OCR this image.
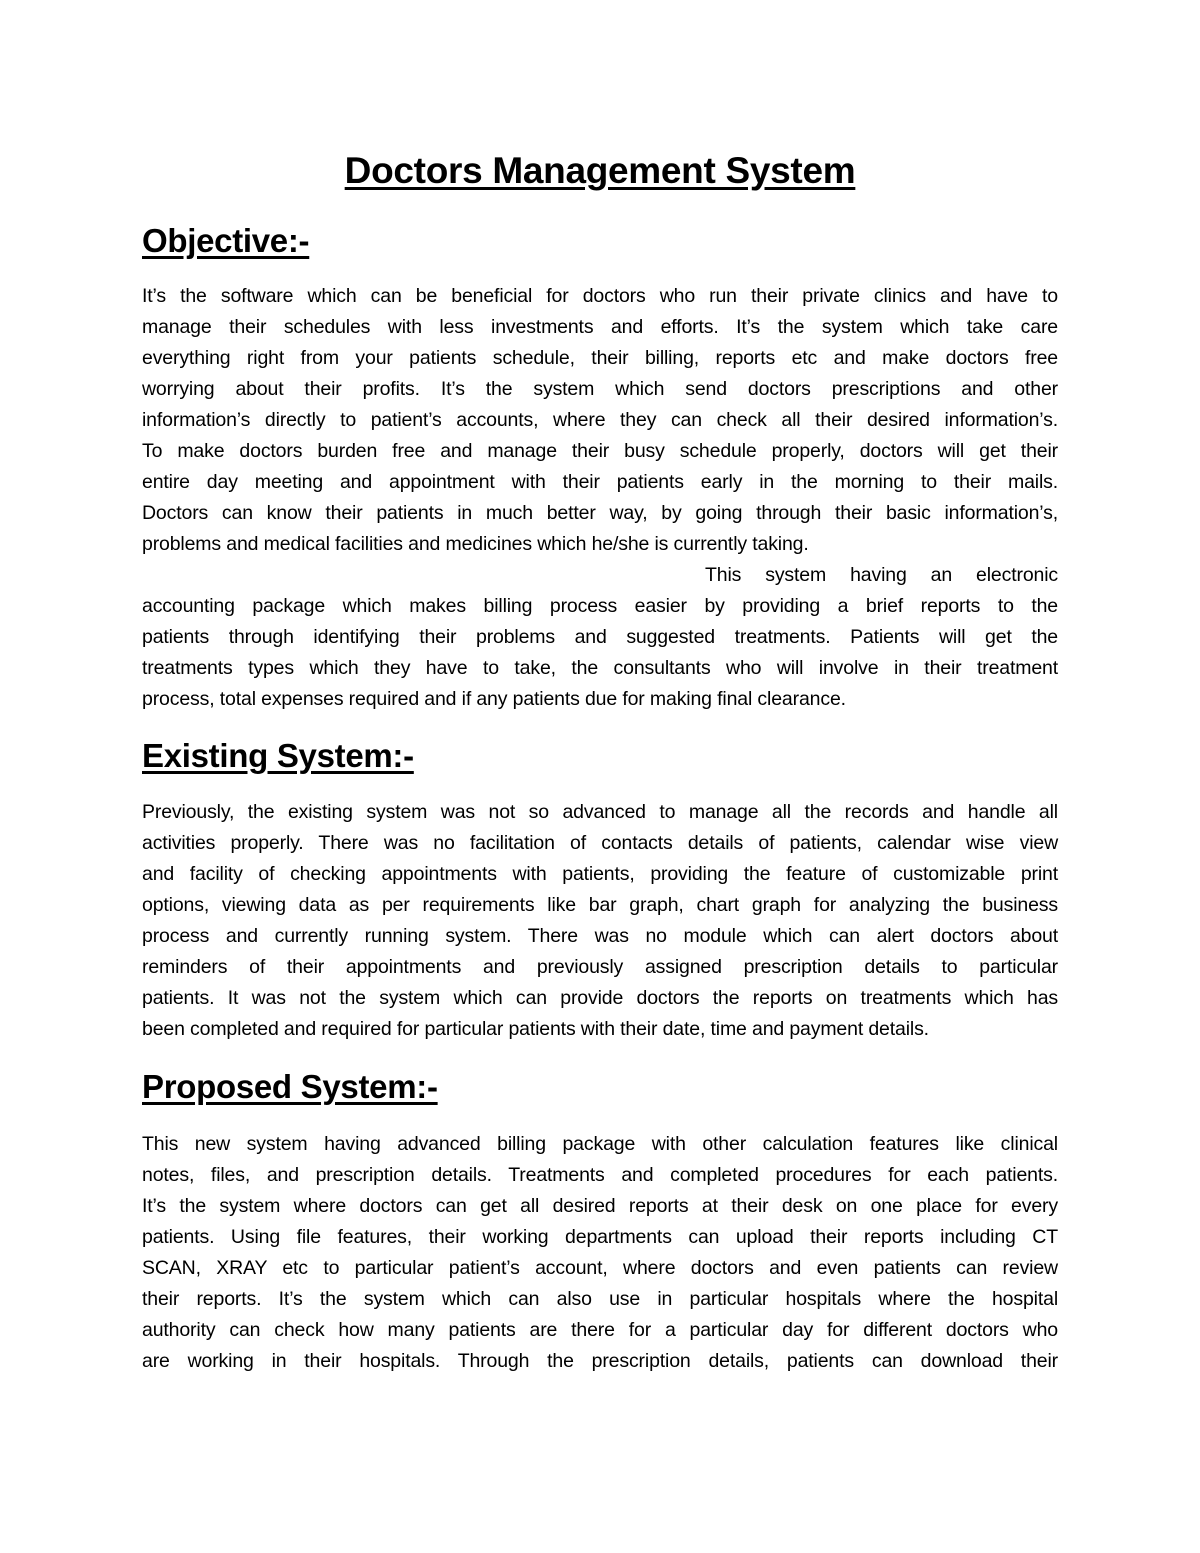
Doctors Management System
Objective:-
It’s the software which can be beneficial for doctors who run their private clinics and have to
manage their schedules with less investments and efforts. It’s the system which take care
everything right from your patients schedule, their billing, reports etc and make doctors free
worrying about their profits. It’s the system which send doctors prescriptions and other
information’s directly to patient’s accounts, where they can check all their desired information’s.
To make doctors burden free and manage their busy schedule properly, doctors will get their
entire day meeting and appointment with their patients early in the morning to their mails.
Doctors can know their patients in much better way, by going through their basic information’s,
problems and medical facilities and medicines which he/she is currently taking.
This system having an electronic
accounting package which makes billing process easier by providing a brief reports to the
patients through identifying their problems and suggested treatments. Patients will get the
treatments types which they have to take, the consultants who will involve in their treatment
process, total expenses required and if any patients due for making final clearance.
Existing System:-
Previously, the existing system was not so advanced to manage all the records and handle all
activities properly. There was no facilitation of contacts details of patients, calendar wise view
and facility of checking appointments with patients, providing the feature of customizable print
options, viewing data as per requirements like bar graph, chart graph for analyzing the business
process and currently running system. There was no module which can alert doctors about
reminders of their appointments and previously assigned prescription details to particular
patients. It was not the system which can provide doctors the reports on treatments which has
been completed and required for particular patients with their date, time and payment details.
Proposed System:-
This new system having advanced billing package with other calculation features like clinical
notes, files, and prescription details. Treatments and completed procedures for each patients.
It’s the system where doctors can get all desired reports at their desk on one place for every
patients. Using file features, their working departments can upload their reports including CT
SCAN, XRAY etc to particular patient’s account, where doctors and even patients can review
their reports. It’s the system which can also use in particular hospitals where the hospital
authority can check how many patients are there for a particular day for different doctors who
are working in their hospitals. Through the prescription details, patients can download their
